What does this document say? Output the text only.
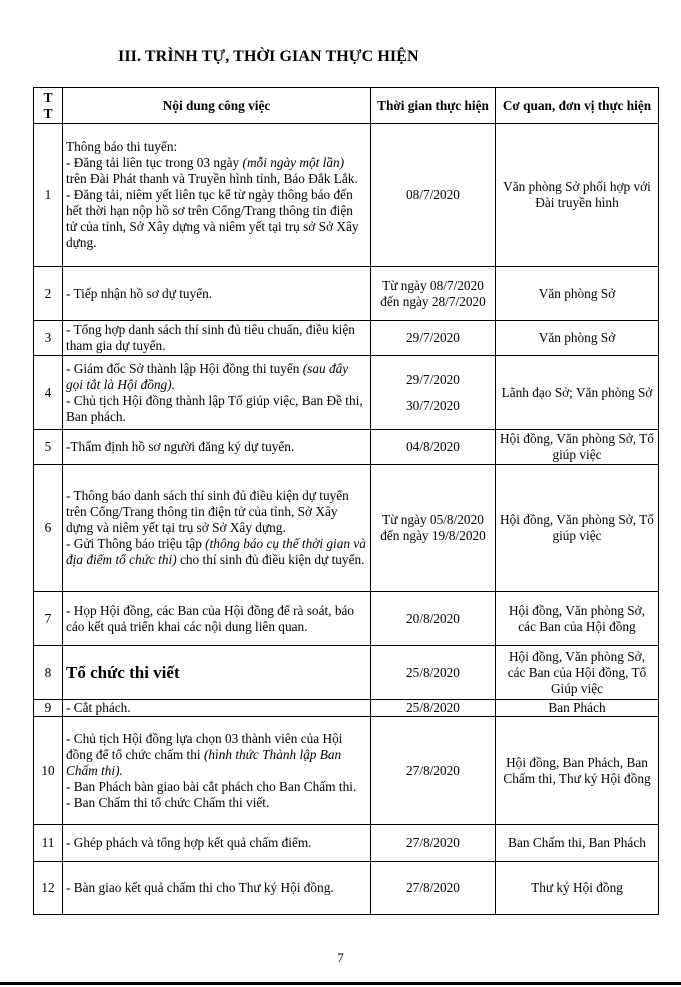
III. TRÌNH TỰ, THỜI GIAN THỰC HIỆN
T
T	Nội dung công việc	Thời gian thực hiện	Cơ quan, đơn vị thực hiện
1	Thông báo thi tuyển:
- Đăng tải liên tục trong 03 ngày (mỗi ngày một lần) trên Đài Phát thanh và Truyền hình tỉnh, Báo Đắk Lắk.
- Đăng tải, niêm yết liên tục kể từ ngày thông báo đến hết thời hạn nộp hồ sơ trên Cổng/Trang thông tin điện tử của tỉnh, Sở Xây dựng và niêm yết tại trụ sở Sở Xây dựng.	08/7/2020	Văn phòng Sở phối hợp với Đài truyền hình
2	- Tiếp nhận hồ sơ dự tuyển.	Từ ngày 08/7/2020 đến ngày 28/7/2020	Văn phòng Sở
3	- Tổng hợp danh sách thí sinh đủ tiêu chuẩn, điều kiện tham gia dự tuyển.	29/7/2020	Văn phòng Sở
4	- Giám đốc Sở thành lập Hội đồng thi tuyển (sau đây gọi tắt là Hội đồng).
- Chủ tịch Hội đồng thành lập Tổ giúp việc, Ban Đề thi, Ban phách.	29/7/2020
30/7/2020	Lãnh đạo Sở; Văn phòng Sở
5	-Thẩm định hồ sơ người đăng ký dự tuyển.	04/8/2020	Hội đồng, Văn phòng Sở, Tổ giúp việc
6	- Thông báo danh sách thí sinh đủ điều kiện dự tuyển trên Cổng/Trang thông tin điện tử của tỉnh, Sở Xây dựng và niêm yết tại trụ sở Sở Xây dựng.
- Gửi Thông báo triệu tập (thông báo cụ thể thời gian và địa điểm tổ chức thi) cho thí sinh đủ điều kiện dự tuyển.	Từ ngày 05/8/2020 đến ngày 19/8/2020	Hội đồng, Văn phòng Sở, Tổ giúp việc
7	- Họp Hội đồng, các Ban của Hội đồng để rà soát, báo cáo kết quả triển khai các nội dung liên quan.	20/8/2020	Hội đồng, Văn phòng Sở, các Ban của Hội đồng
8	Tổ chức thi viết	25/8/2020	Hội đồng, Văn phòng Sở, các Ban của Hội đồng, Tổ Giúp việc
9	- Cắt phách.	25/8/2020	Ban Phách
10	- Chủ tịch Hội đồng lựa chọn 03 thành viên của Hội đồng để tổ chức chấm thi (hình thức Thành lập Ban Chấm thi).
- Ban Phách bàn giao bài cắt phách cho Ban Chấm thi.
- Ban Chấm thi tổ chức Chấm thi viết.	27/8/2020	Hội đồng, Ban Phách, Ban Chấm thi, Thư ký Hội đồng
11	- Ghép phách và tổng hợp kết quả chấm điểm.	27/8/2020	Ban Chấm thi, Ban Phách
12	- Bàn giao kết quả chấm thi cho Thư ký Hội đồng.	27/8/2020	Thư ký Hội đồng
7
